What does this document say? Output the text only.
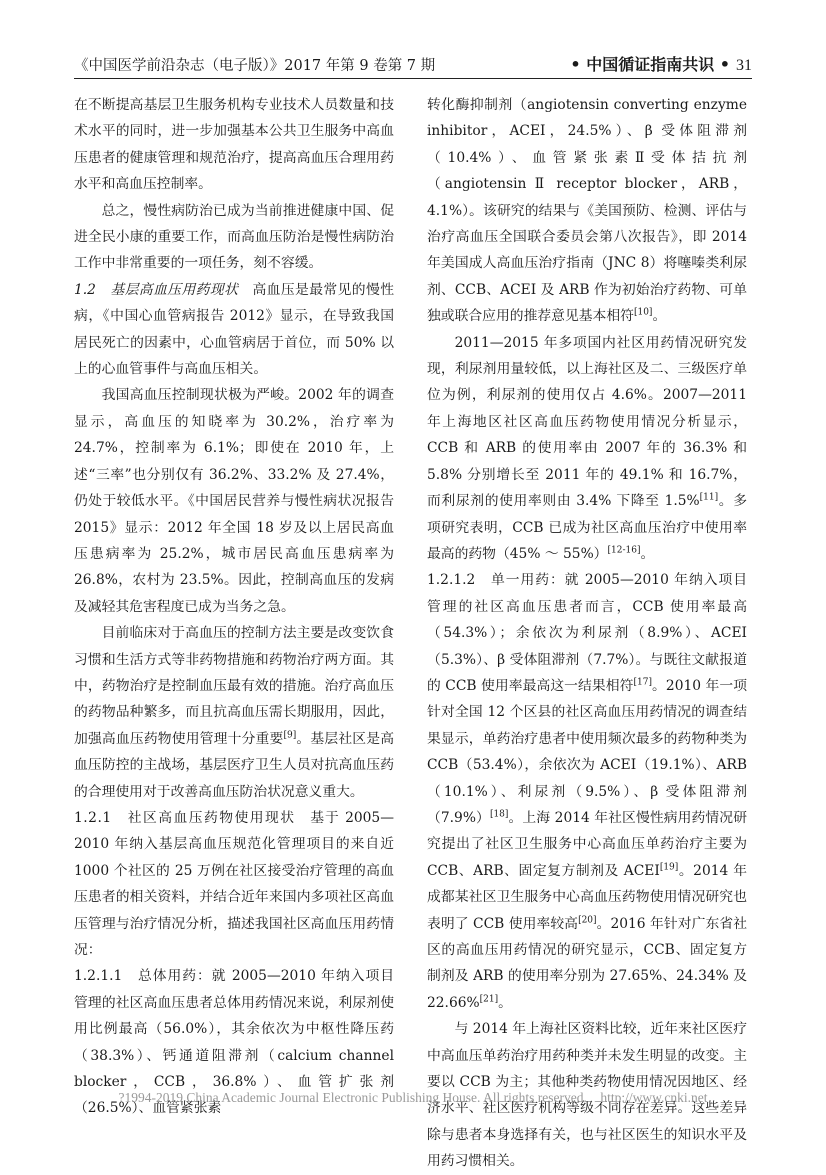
《中国医学前沿杂志（电子版）》2017 年第 9 卷第 7 期	• 中国循证指南共识 • 31

在不断提高基层卫生服务机构专业技术人员数量和技术水平的同时，进一步加强基本公共卫生服务中高血压患者的健康管理和规范治疗，提高高血压合理用药水平和高血压控制率。

总之，慢性病防治已成为当前推进健康中国、促进全民小康的重要工作，而高血压防治是慢性病防治工作中非常重要的一项任务，刻不容缓。

1.2　基层高血压用药现状　高血压是最常见的慢性病，《中国心血管病报告 2012》显示，在导致我国居民死亡的因素中，心血管病居于首位，而 50% 以上的心血管事件与高血压相关。

我国高血压控制现状极为严峻。2002 年的调查显示，高血压的知晓率为 30.2%，治疗率为 24.7%，控制率为 6.1%；即使在 2010 年，上述“三率”也分别仅有 36.2%、33.2% 及 27.4%，仍处于较低水平。《中国居民营养与慢性病状况报告 2015》显示：2012 年全国 18 岁及以上居民高血压患病率为 25.2%，城市居民高血压患病率为 26.8%，农村为 23.5%。因此，控制高血压的发病及减轻其危害程度已成为当务之急。

目前临床对于高血压的控制方法主要是改变饮食习惯和生活方式等非药物措施和药物治疗两方面。其中，药物治疗是控制血压最有效的措施。治疗高血压的药物品种繁多，而且抗高血压需长期服用，因此，加强高血压药物使用管理十分重要[9]。基层社区是高血压防控的主战场，基层医疗卫生人员对抗高血压药的合理使用对于改善高血压防治状况意义重大。

1.2.1　社区高血压药物使用现状　基于 2005—2010 年纳入基层高血压规范化管理项目的来自近 1000 个社区的 25 万例在社区接受治疗管理的高血压患者的相关资料，并结合近年来国内多项社区高血压管理与治疗情况分析，描述我国社区高血压用药情况：

1.2.1.1　总体用药：就 2005—2010 年纳入项目管理的社区高血压患者总体用药情况来说，利尿剂使用比例最高（56.0%），其余依次为中枢性降压药（38.3%）、钙通道阻滞剂（calcium channel blocker，CCB，36.8%）、血管扩张剂（26.5%）、血管紧张素

转化酶抑制剂（angiotensin converting enzyme inhibitor，ACEI，24.5%）、β 受体阻滞剂（10.4%）、血管紧张素Ⅱ受体拮抗剂（angiotensin Ⅱ receptor blocker，ARB，4.1%）。该研究的结果与《美国预防、检测、评估与治疗高血压全国联合委员会第八次报告》，即 2014 年美国成人高血压治疗指南（JNC 8）将噻嗪类利尿剂、CCB、ACEI 及 ARB 作为初始治疗药物、可单独或联合应用的推荐意见基本相符[10]。

2011—2015 年多项国内社区用药情况研究发现，利尿剂用量较低，以上海社区及二、三级医疗单位为例，利尿剂的使用仅占 4.6%。2007—2011 年上海地区社区高血压药物使用情况分析显示，CCB 和 ARB 的使用率由 2007 年的 36.3% 和 5.8% 分别增长至 2011 年的 49.1% 和 16.7%，而利尿剂的使用率则由 3.4% 下降至 1.5%[11]。多项研究表明，CCB 已成为社区高血压治疗中使用率最高的药物（45% ～ 55%）[12-16]。

1.2.1.2　单一用药：就 2005—2010 年纳入项目管理的社区高血压患者而言，CCB 使用率最高（54.3%）；余依次为利尿剂（8.9%）、ACEI（5.3%）、β 受体阻滞剂（7.7%）。与既往文献报道的 CCB 使用率最高这一结果相符[17]。2010 年一项针对全国 12 个区县的社区高血压用药情况的调查结果显示，单药治疗患者中使用频次最多的药物种类为 CCB（53.4%），余依次为 ACEI（19.1%）、ARB（10.1%）、利尿剂（9.5%）、β 受体阻滞剂（7.9%）[18]。上海 2014 年社区慢性病用药情况研究提出了社区卫生服务中心高血压单药治疗主要为 CCB、ARB、固定复方制剂及 ACEI[19]。2014 年成都某社区卫生服务中心高血压药物使用情况研究也表明了 CCB 使用率较高[20]。2016 年针对广东省社区的高血压用药情况的研究显示，CCB、固定复方制剂及 ARB 的使用率分别为 27.65%、24.34% 及 22.66%[21]。

与 2014 年上海社区资料比较，近年来社区医疗中高血压单药治疗用药种类并未发生明显的改变。主要以 CCB 为主；其他种类药物使用情况因地区、经济水平、社区医疗机构等级不同存在差异。这些差异除与患者本身选择有关，也与社区医生的知识水平及用药习惯相关。

?1994-2019 China Academic Journal Electronic Publishing House. All rights reserved.　http://www.cnki.net
